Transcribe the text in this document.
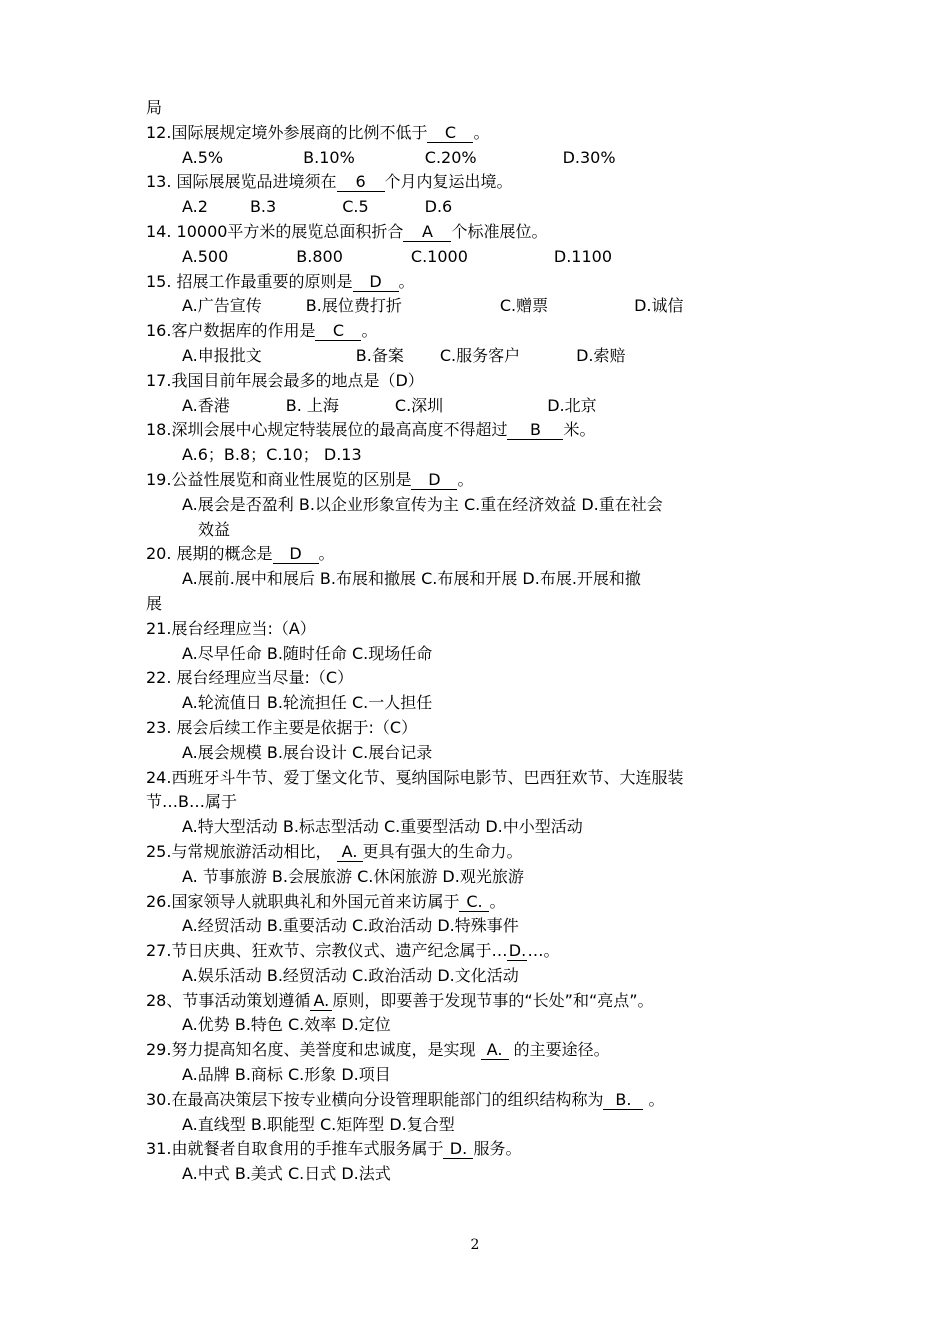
局
12.国际展规定境外参展商的比例不低于 C 。
A.5%	B.10%	C.20%	D.30%
13. 国际展展览品进境须在 6 个月内复运出境。
A.2	B.3	C.5	D.6
14. 10000平方米的展览总面积折合 A 个标准展位。
A.500	B.800	C.1000	D.1100
15. 招展工作最重要的原则是 D 。
A.广告宣传	B.展位费打折	C.赠票	D.诚信
16.客户数据库的作用是 C 。
A.申报批文	B.备案 C.服务客户	D.索赔
17.我国目前年展会最多的地点是（D）
A.香港	B. 上海	C.深圳	D.北京
18.深圳会展中心规定特装展位的最高高度不得超过 B 米。
A.6；B.8；C.10； D.13
19.公益性展览和商业性展览的区别是 D 。
A.展会是否盈利 B.以企业形象宣传为主 C.重在经济效益 D.重在社会
效益
20. 展期的概念是 D 。
A.展前.展中和展后 B.布展和撤展 C.布展和开展 D.布展.开展和撤
展
21.展台经理应当:（A）
A.尽早任命 B.随时任命 C.现场任命
22. 展台经理应当尽量:（C）
A.轮流值日 B.轮流担任 C.一人担任
23. 展会后续工作主要是依据于:（C）
A.展会规模 B.展台设计 C.展台记录
24.西班牙斗牛节、爱丁堡文化节、戛纳国际电影节、巴西狂欢节、大连服装
节…B…属于
A.特大型活动 B.标志型活动 C.重要型活动 D.中小型活动
25.与常规旅游活动相比， A. 更具有强大的生命力。
A. 节事旅游 B.会展旅游 C.休闲旅游 D.观光旅游
26.国家领导人就职典礼和外国元首来访属于 C. 。
A.经贸活动 B.重要活动 C.政治活动 D.特殊事件
27.节日庆典、狂欢节、宗教仪式、遗产纪念属于…D.…。
A.娱乐活动 B.经贸活动 C.政治活动 D.文化活动
28、节事活动策划遵循 A. 原则，即要善于发现节事的“长处”和“亮点”。
A.优势 B.特色 C.效率 D.定位
29.努力提高知名度、美誉度和忠诚度，是实现 A. 的主要途径。
A.品牌 B.商标 C.形象 D.项目
30.在最高决策层下按专业横向分设管理职能部门的组织结构称为 B. 。
A.直线型 B.职能型 C.矩阵型 D.复合型
31.由就餐者自取食用的手推车式服务属于 D. 服务。
A.中式 B.美式 C.日式 D.法式
2
